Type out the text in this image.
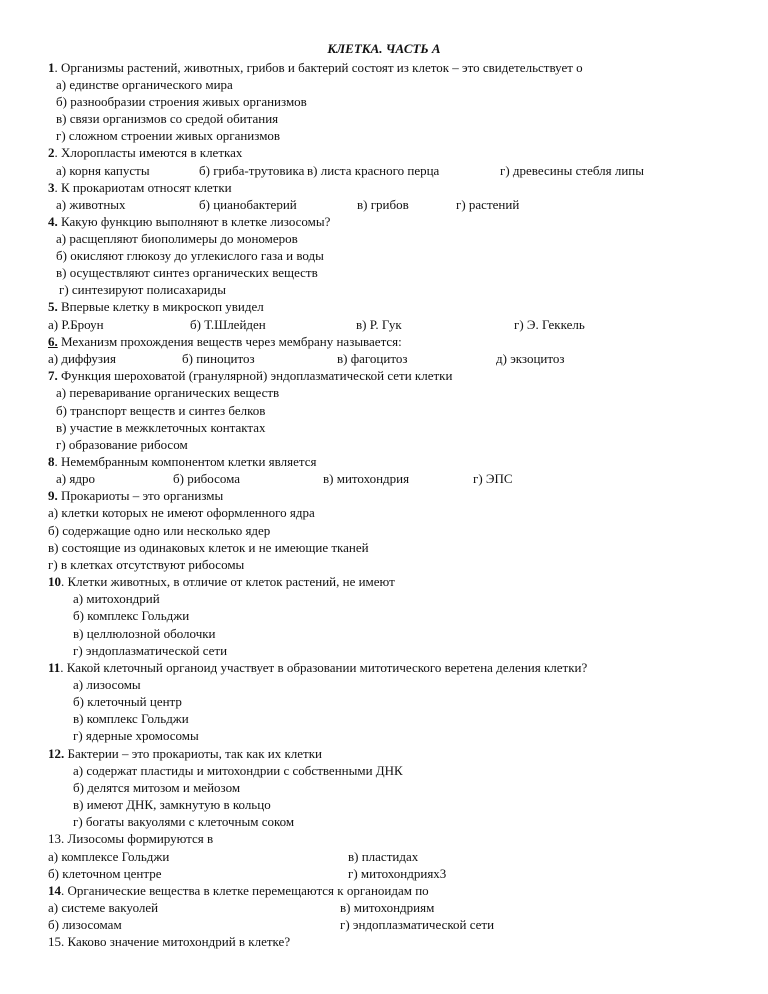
КЛЕТКА. ЧАСТЬ А
1. Организмы растений, животных, грибов и бактерий состоят из клеток – это свидетельствует о
а) единстве органического мира
б) разнообразии строения живых организмов
в) связи организмов со средой обитания
г) сложном строении живых организмов
2. Хлоропласты имеются в клетках
а) корня капусты	б) гриба-трутовика в) листа красного перца	г) древесины стебля липы
3. К прокариотам относят клетки
а) животных	б) цианобактерий	в) грибов	г) растений
4. Какую функцию выполняют в клетке лизосомы?
а) расщепляют биополимеры до мономеров
б) окисляют глюкозу до углекислого газа и воды
в) осуществляют синтез органических веществ
г) синтезируют полисахариды
5. Впервые клетку в микроскоп увидел
а) Р.Броун	б) Т.Шлейден	в) Р. Гук	г) Э. Геккель
6. Механизм прохождения веществ через мембрану называется:
а) диффузия	б) пиноцитоз	в) фагоцитоз	д) экзоцитоз
7. Функция шероховатой (гранулярной) эндоплазматической сети клетки
а) переваривание органических веществ
б) транспорт веществ и синтез белков
в) участие в межклеточных контактах
г) образование рибосом
8. Немембранным компонентом клетки является
а) ядро	б) рибосома	в) митохондрия	г) ЭПС
9. Прокариоты – это организмы
а) клетки которых не имеют оформленного ядра
б) содержащие одно или несколько ядер
в) состоящие из одинаковых клеток и не имеющие тканей
г) в клетках отсутствуют рибосомы
10. Клетки животных, в отличие от клеток растений, не имеют
а) митохондрий
б) комплекс Гольджи
в) целлюлозной оболочки
г) эндоплазматической сети
11. Какой клеточный органоид участвует в образовании митотического веретена деления клетки?
а) лизосомы
б) клеточный центр
в) комплекс Гольджи
г) ядерные хромосомы
12. Бактерии – это прокариоты, так как их клетки
а) содержат пластиды и митохондрии с собственными ДНК
б) делятся митозом и мейозом
в) имеют ДНК, замкнутую в кольцо
г) богаты вакуолями с клеточным соком
13. Лизосомы формируются в
а) комплексе Гольджи	в) пластидах
б) клеточном центре	г) митохондриях3
14. Органические вещества в клетке перемещаются к органоидам по
а) системе вакуолей	в) митохондриям
б) лизосомам	г) эндоплазматической сети
15. Каково значение митохондрий в клетке?
